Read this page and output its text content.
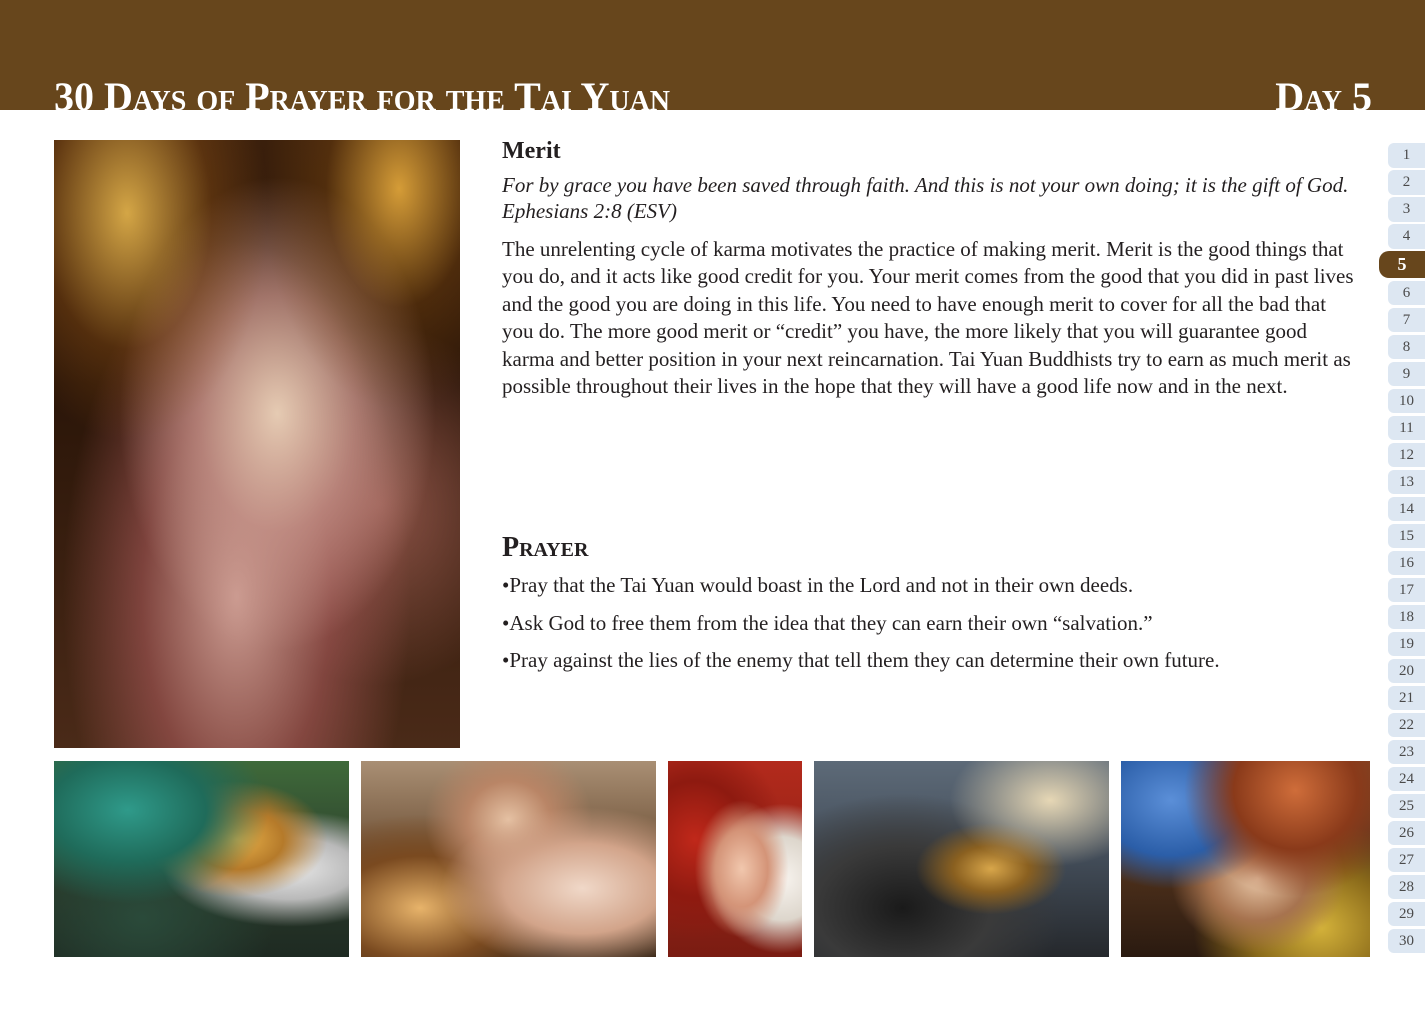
30 Days of Prayer for the Tai Yuan	Day 5
Merit

For by grace you have been saved through faith. And this is not your own doing; it is the gift of God. Ephesians 2:8 (ESV)

The unrelenting cycle of karma motivates the practice of making merit. Merit is the good things that you do, and it acts like good credit for you. Your merit comes from the good that you did in past lives and the good you are doing in this life. You need to have enough merit to cover for all the bad that you do. The more good merit or “credit” you have, the more likely that you will guarantee good karma and better position in your next reincarnation. Tai Yuan Buddhists try to earn as much merit as possible throughout their lives in the hope that they will have a good life now and in the next.

Prayer
•Pray that the Tai Yuan would boast in the Lord and not in their own deeds.
•Ask God to free them from the idea that they can earn their own “salvation.”
•Pray against the lies of the enemy that tell them they can determine their own future.
1
2
3
4
5
6
7
8
9
10
11
12
13
14
15
16
17
18
19
20
21
22
23
24
25
26
27
28
29
30
